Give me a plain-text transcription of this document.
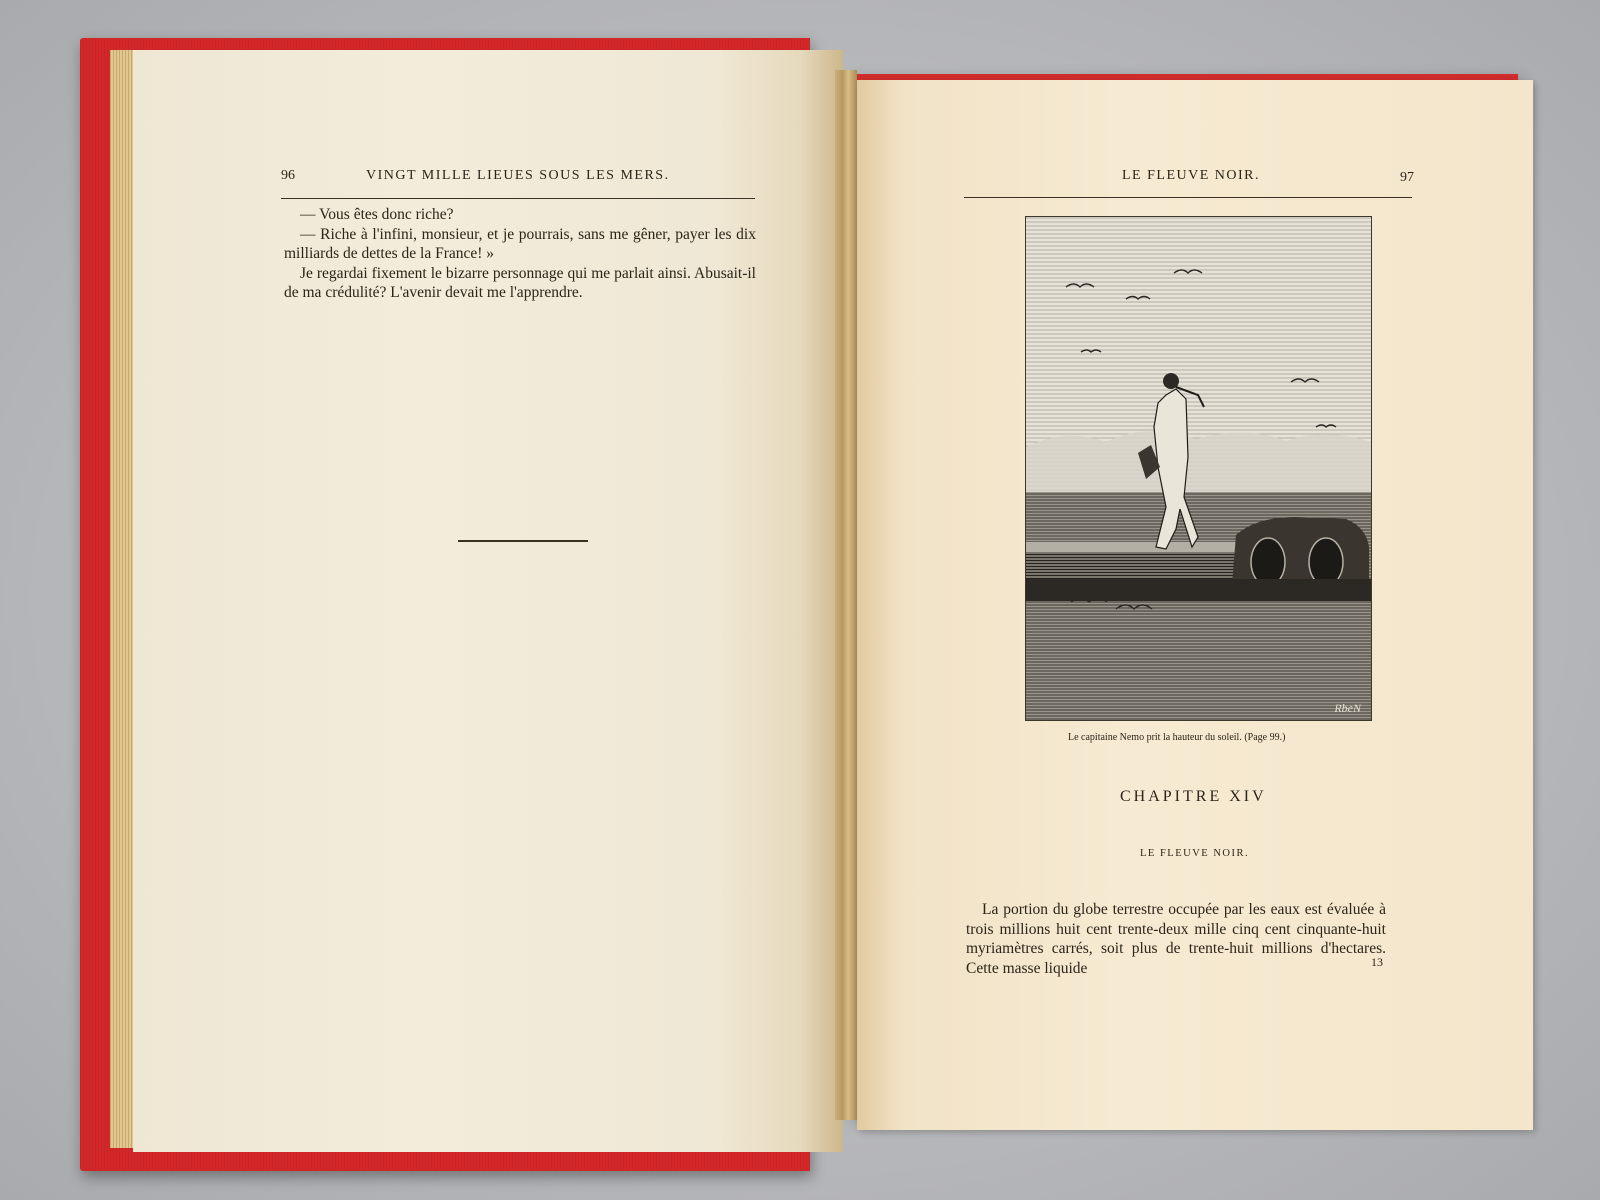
96	VINGT MILLE LIEUES SOUS LES MERS.

— Vous êtes donc riche?

— Riche à l'infini, monsieur, et je pourrais, sans me gêner, payer les dix milliards de dettes de la France! »

Je regardai fixement le bizarre personnage qui me parlait ainsi. Abusait-il de ma crédulité? L'avenir devait me l'apprendre.

LE FLEUVE NOIR.	97
RbeN
Le capitaine Nemo prit la hauteur du soleil. (Page 99.)
CHAPITRE XIV
LE FLEUVE NOIR.

La portion du globe terrestre occupée par les eaux est évaluée à trois millions huit cent trente-deux mille cinq cent cinquante-huit myriamètres carrés, soit plus de trente-huit millions d'hectares. Cette masse liquide	13
